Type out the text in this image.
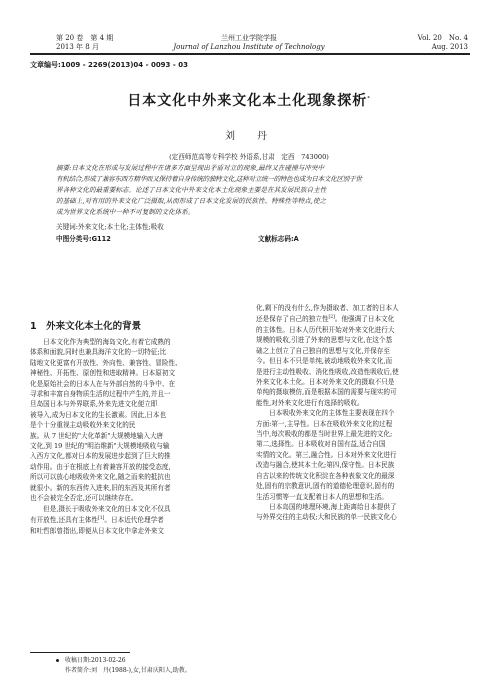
第 20 卷　第 4 期
2013 年 8 月
兰州工业学院学报
Journal of Lanzhou Institute of Technology
Vol. 20　No. 4
Aug. 2013
文章编号:1009 - 2269(2013)04 - 0093 - 03
日本文化中外来文化本土化现象探析*
刘　丹
(定西师范高等专科学校 外语系,甘肃　定西　743000)
摘要:日本文化在形成与发展过程中在诸多方面呈现出矛盾对立的现象,最终又在碰撞与冲突中
有机结合,形成了兼容东西方精华而又保持着自身传统的独特文化,这种对立统一的特色也成为日本文化区别于世
界各种文化的最重要标志。论述了日本文化中外来文化本土化现象主要是在其发展民族自主性
的基础上,对有用的外来文化广泛摄取,从而形成了日本文化发展的民族性、特殊性等特点,使之
成为世界文化系统中一种不可复制的文化体系。
关键词:外来文化;本土化;主体性;吸收
中图分类号:G112	文献标志码:A
1　外来文化本土化的背景
　　日本文化作为典型的海岛文化,有着它成熟的
体系和面貌,同时也兼具海洋文化的一切特征;比
陆地文化更富有开放性、外向性、兼容性、冒险性、
神秘性、开拓性、原创性和进取精神。日本原初文
化是原始社会的日本人在与外部自然的斗争中、在
寻求和丰富自身物质生活的过程中产生的,并且一
旦岛国日本与外界联系,外来先进文化便立即
被导入,成为日本文化的生长激素。因此,日本也
是个十分重视主动吸收外来文化的民
族。从 7 世纪的"大化革新"大规模地输入大唐
文化,到 19 世纪的"明治维新"大规模地吸收与输
入西方文化,都对日本的发展进步起到了巨大的推
动作用。由于在根底上有着兼容开放的接受态度,
所以可以放心地吸收外来文化,随之而来的抵抗也
就很小。新的东西传入进来,旧的东西及其所有者
也不会被完全否定,还可以继续存在。
　　但是,摄长于吸收外来文化的日本文化不仅具
有开放性,还具有主体性[1]。日本近代伦理学者
和吐哲郎曾指出,即便从日本文化中拿走外来文
化,剩下的没有什么,作为摄取者、加工者的日本人
还是保存了自己的独立性[2]。他强调了日本文化
的主体性。日本人历代积开始对外来文化进行大
规模的吸收,引进了外来的思想与文化,在这个基
础之上创立了自己独自的思想与文化,并保存至
今。但日本不只是单纯,被动地吸收外来文化,而
是进行主动性吸收、消化性吸收,改造性吸收后,使
外来文化本土化。日本对外来文化的摄取不只是
单纯的摄取模仿,而是根据本国的需要与现实的可
能性,对外来文化进行有选择的吸收。
　　日本吸收外来文化的主体性主要表现在四个
方面:第一,主导性。日本在吸收外来文化的过程
当中,每次吸收的都是当时世界上最先进的文化;
第二,选择性。日本吸收对自国有益,适合自国
实情的文化。第三,融合性。日本对外来文化进行
改造与融合,使其本土化;第四,保守性。日本民族
自古以来的传统文化积淀在各种表象文化的最深
处,固有的宗教意识,固有的道德伦理意识,固有的
生活习惯等一直支配着日本人的思想和生活。
　　日本岛国的地理环境,海上距离给日本提供了
与外界交往的主动权;大和民族的单一民族文化心
收稿日期:2013-02-26
作者简介:刘　丹(1988-),女,甘肃庆阳人,助教。
